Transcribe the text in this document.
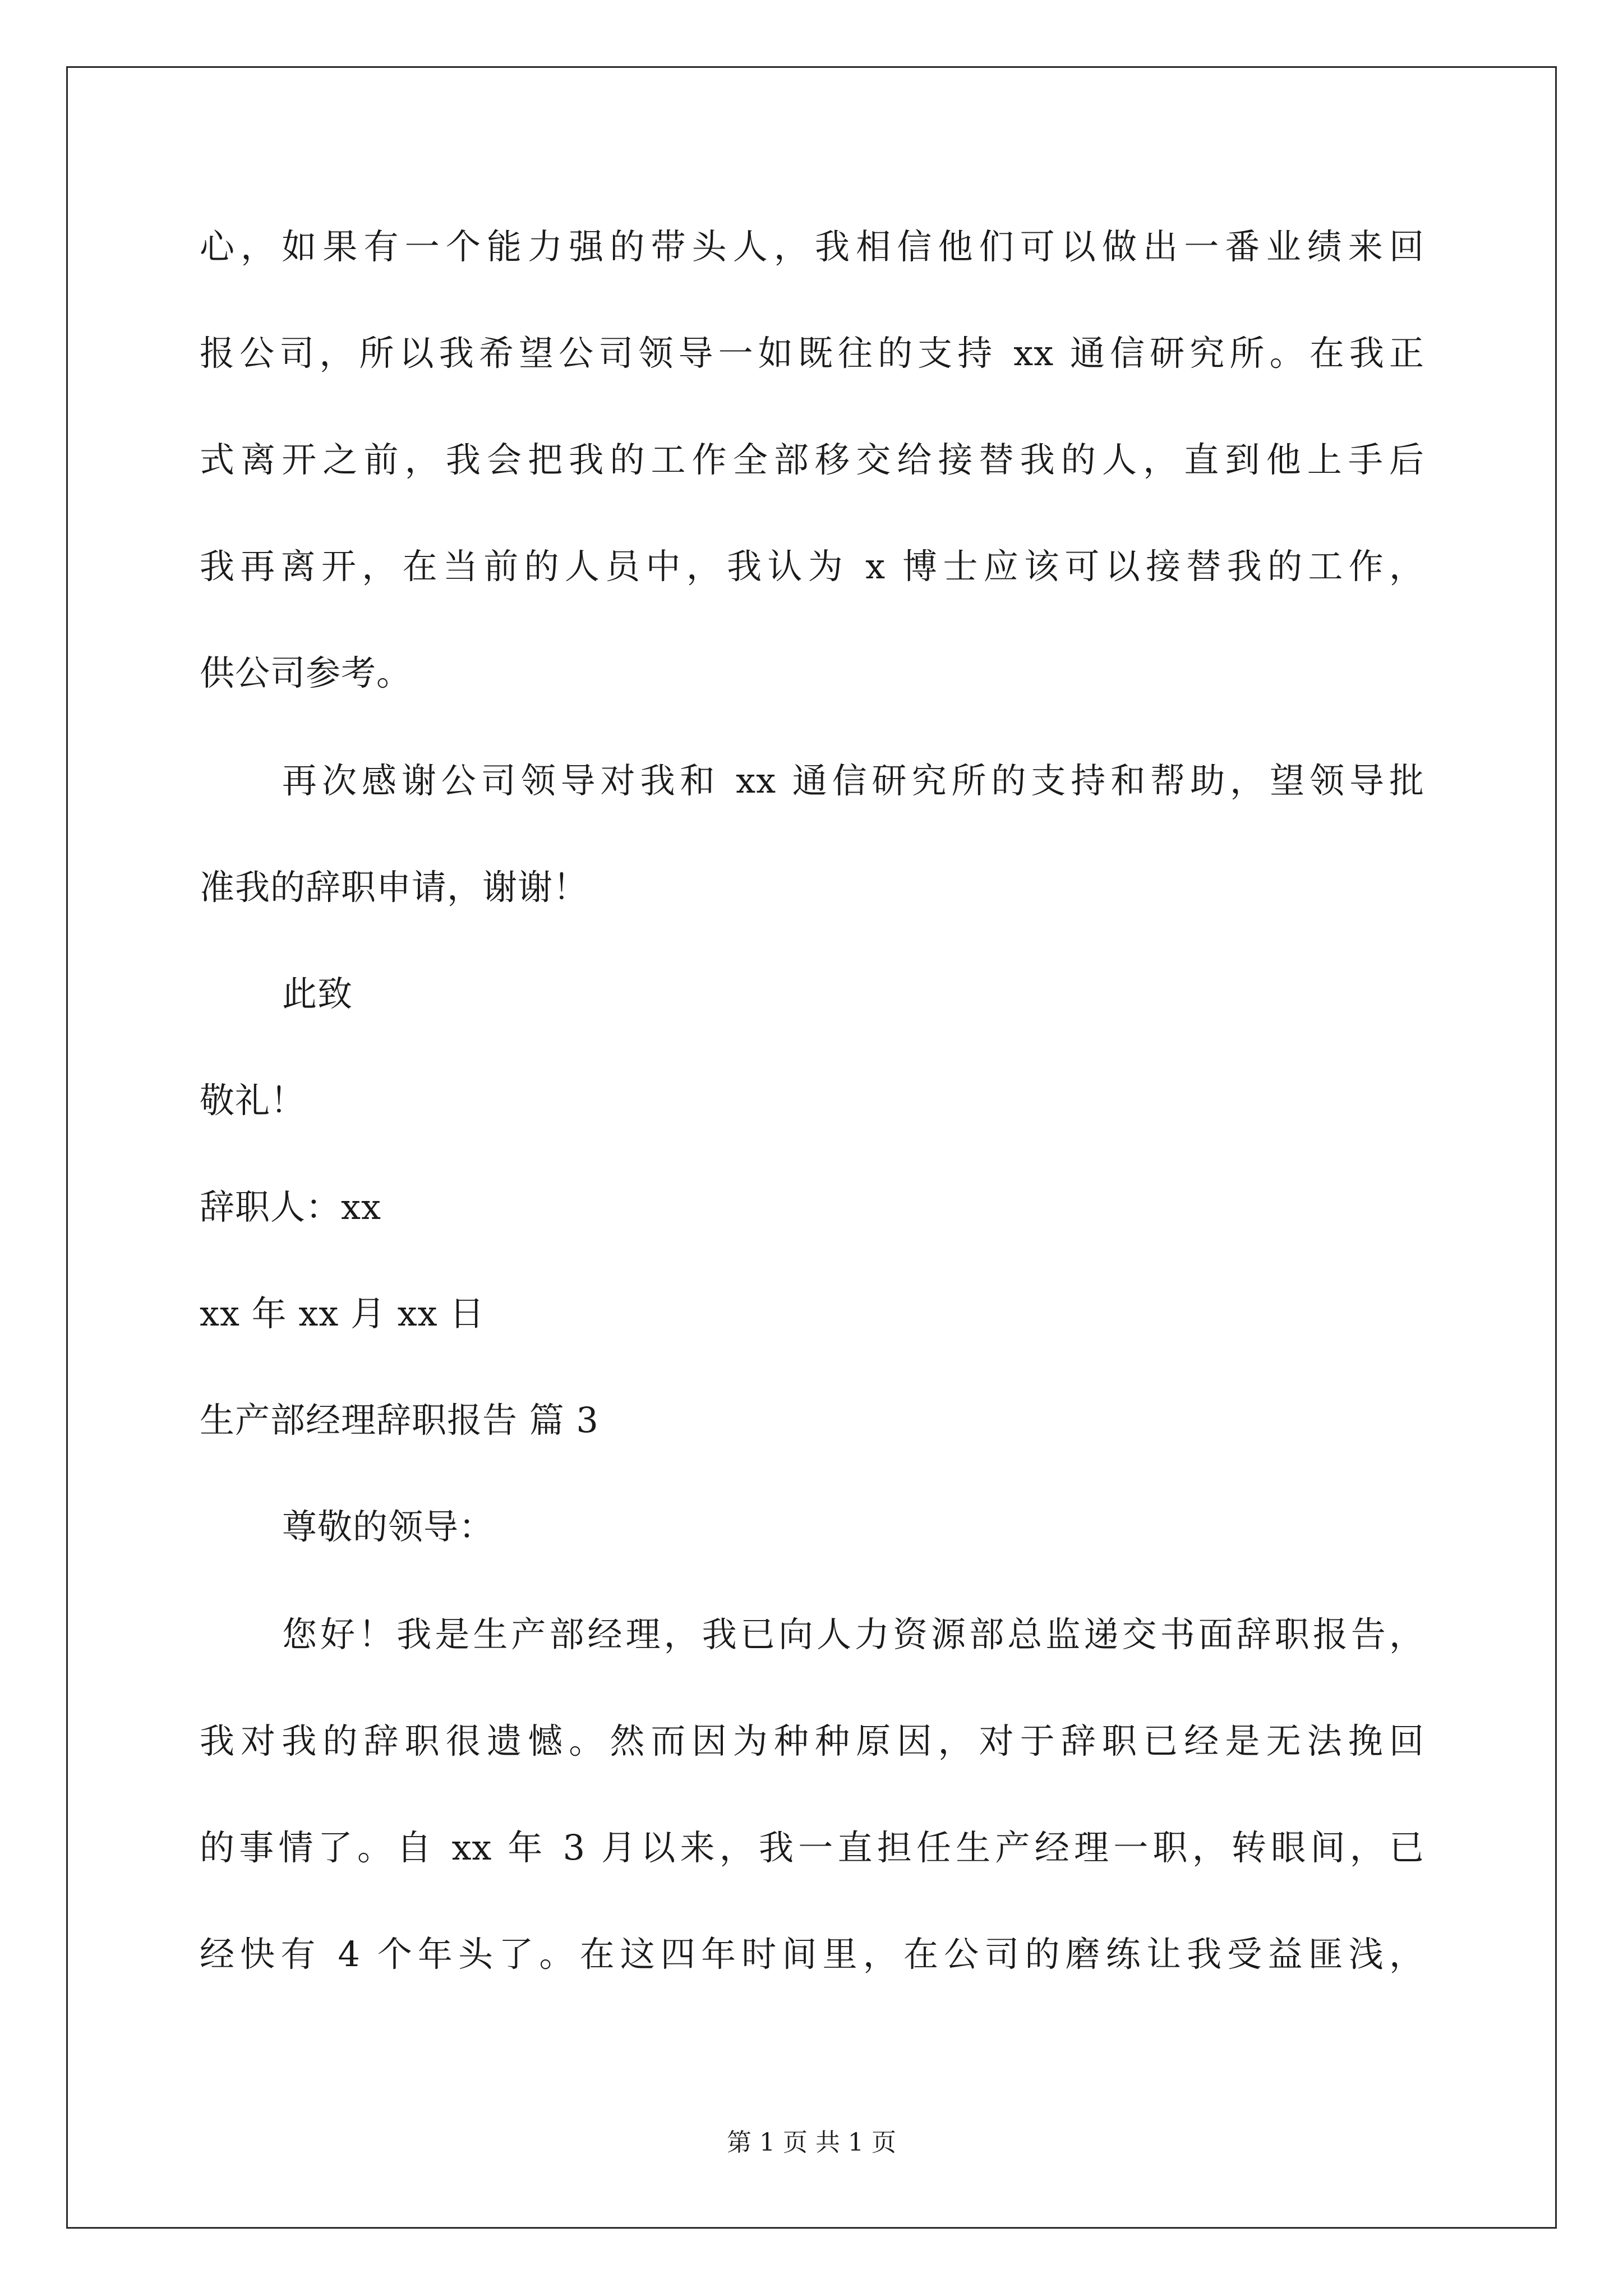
心，如果有一个能力强的带头人，我相信他们可以做出一番业绩来回
报公司，所以我希望公司领导一如既往的支持 xx 通信研究所。在我正
式离开之前，我会把我的工作全部移交给接替我的人，直到他上手后
我再离开，在当前的人员中，我认为 x 博士应该可以接替我的工作，
供公司参考。
再次感谢公司领导对我和 xx 通信研究所的支持和帮助，望领导批
准我的辞职申请，谢谢！
此致
敬礼！
辞职人：xx
xx 年 xx 月 xx 日
生产部经理辞职报告 篇 3
尊敬的领导：
您好！我是生产部经理，我已向人力资源部总监递交书面辞职报告，
我对我的辞职很遗憾。然而因为种种原因，对于辞职已经是无法挽回
的事情了。自 xx 年 3 月以来，我一直担任生产经理一职，转眼间，已
经快有 4 个年头了。在这四年时间里，在公司的磨练让我受益匪浅，
第 1 页 共 1 页
